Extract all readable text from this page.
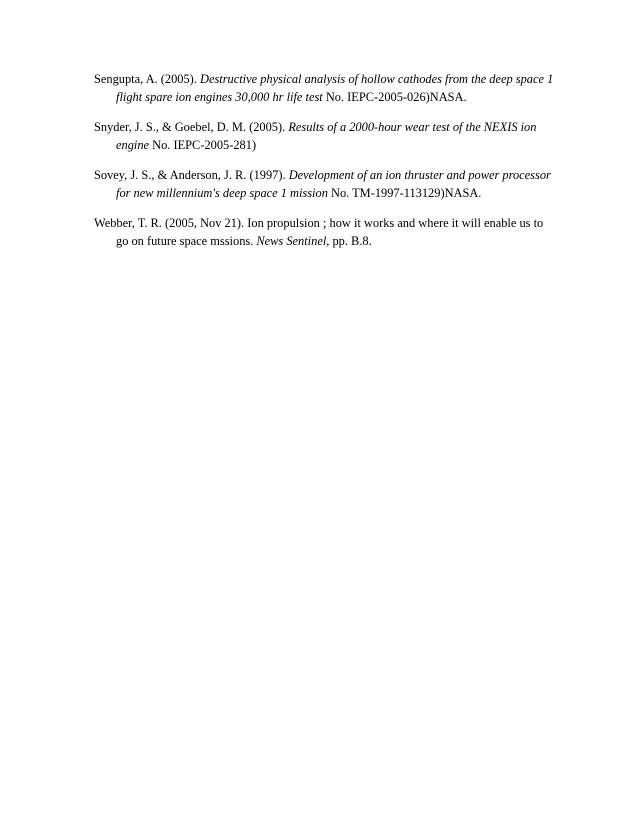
Sengupta, A. (2005). Destructive physical analysis of hollow cathodes from the deep space 1 flight spare ion engines 30,000 hr life test No. IEPC-2005-026)NASA.

Snyder, J. S., & Goebel, D. M. (2005). Results of a 2000-hour wear test of the NEXIS ion engine No. IEPC-2005-281)

Sovey, J. S., & Anderson, J. R. (1997). Development of an ion thruster and power processor for new millennium's deep space 1 mission No. TM-1997-113129)NASA.

Webber, T. R. (2005, Nov 21). Ion propulsion ; how it works and where it will enable us to go on future space mssions. News Sentinel, pp. B.8.
